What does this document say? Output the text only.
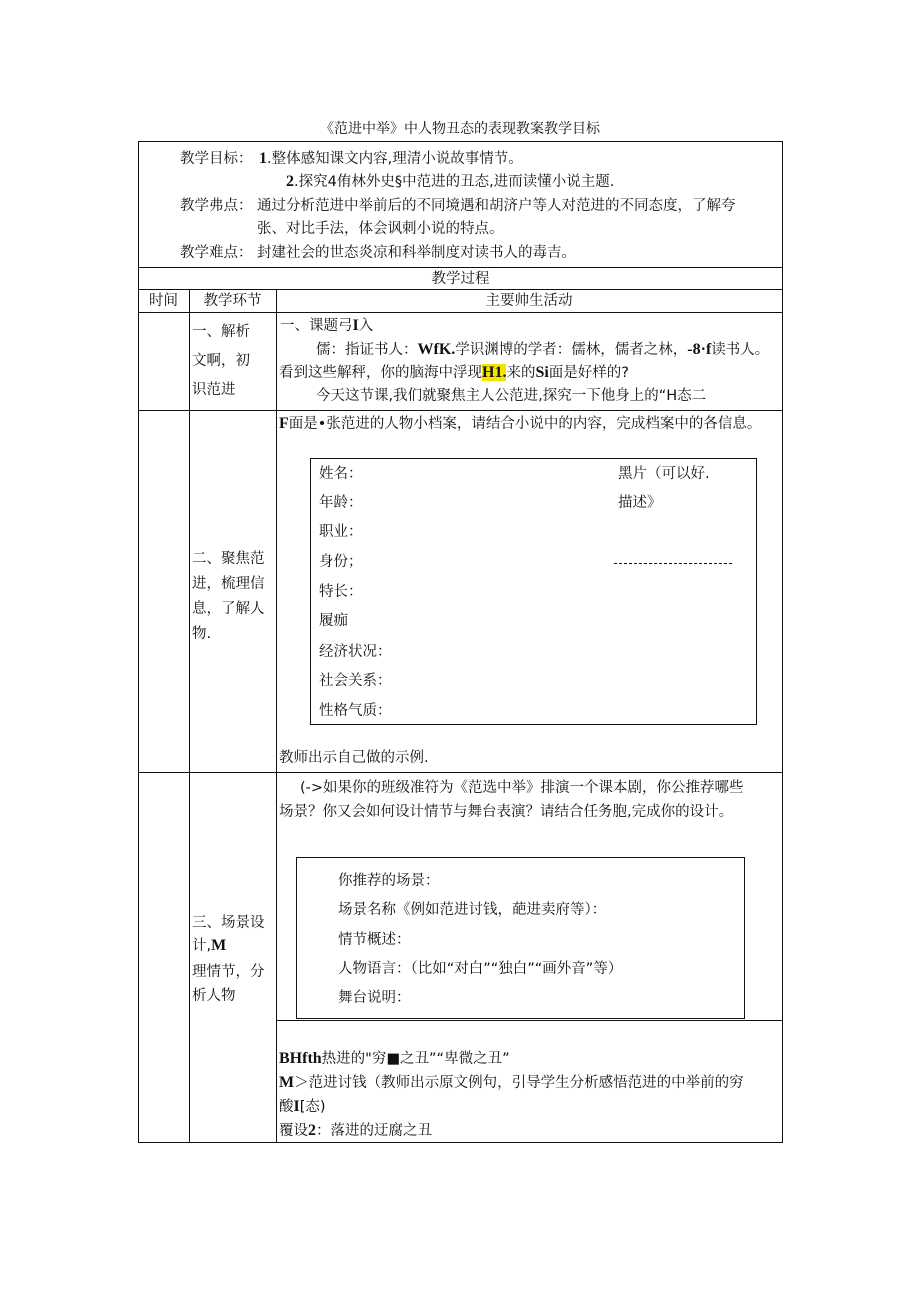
《范进中举》中人物丑态的表现教案教学目标
教学目标： 1.整体感知课文内容,理清小说故事情节。
2.探究4侑林外史§中范进的丑态,进而读懂小说主题.
教学弗点： 通过分析范进中举前后的不同境遇和胡济户等人对范进的不同态度，了解夸
张、对比手法，体会讽刺小说的特点。
教学难点： 封建社会的世态炎凉和科举制度对读书人的毒吉。
教学过程
时间	教学环节	主要帅生活动
一、解析
文啊，初
识范进
一、课题弓I入
儒：指证书人：WfK.学识渊博的学者：儒林，儒者之林，-8·f读书人。
看到这些解秤，你的脑海中浮现H1.来的Si面是好样的?
今天这节课,我们就聚焦主人公范进,探究一下他身上的“H态二
二、聚焦范
进，梳理信
息，了解人
物.
F面是•张范进的人物小档案，请结合小说中的内容，完成档案中的各信息。
姓名：
年龄：
职业：
身份；
特长：
履痂
经济状况：
社会关系：
性格气质：
黑片（可以好.
描述》
教师出示自己做的示例.
三、场景设
计,M
理情节，分
析人物
(->如果你的班级准符为《范选中举》排演一个课本剧，你公推荐哪些
场景？你又会如何设计情节与舞台表演？请结合任务胞,完成你的设计。
你推荐的场景：
场景名称《例如范进讨钱，葩进卖府等）：
情节概述：
人物语言：（比如“对白”“独白”“画外音”等）
舞台说明：
BHfth热进的"穷■之丑”“卑微之丑”
M＞范进讨钱（教师出示原文例句，引导学生分析感悟范进的中举前的穷
酸I[态)
覆设2：落进的迂腐之丑
